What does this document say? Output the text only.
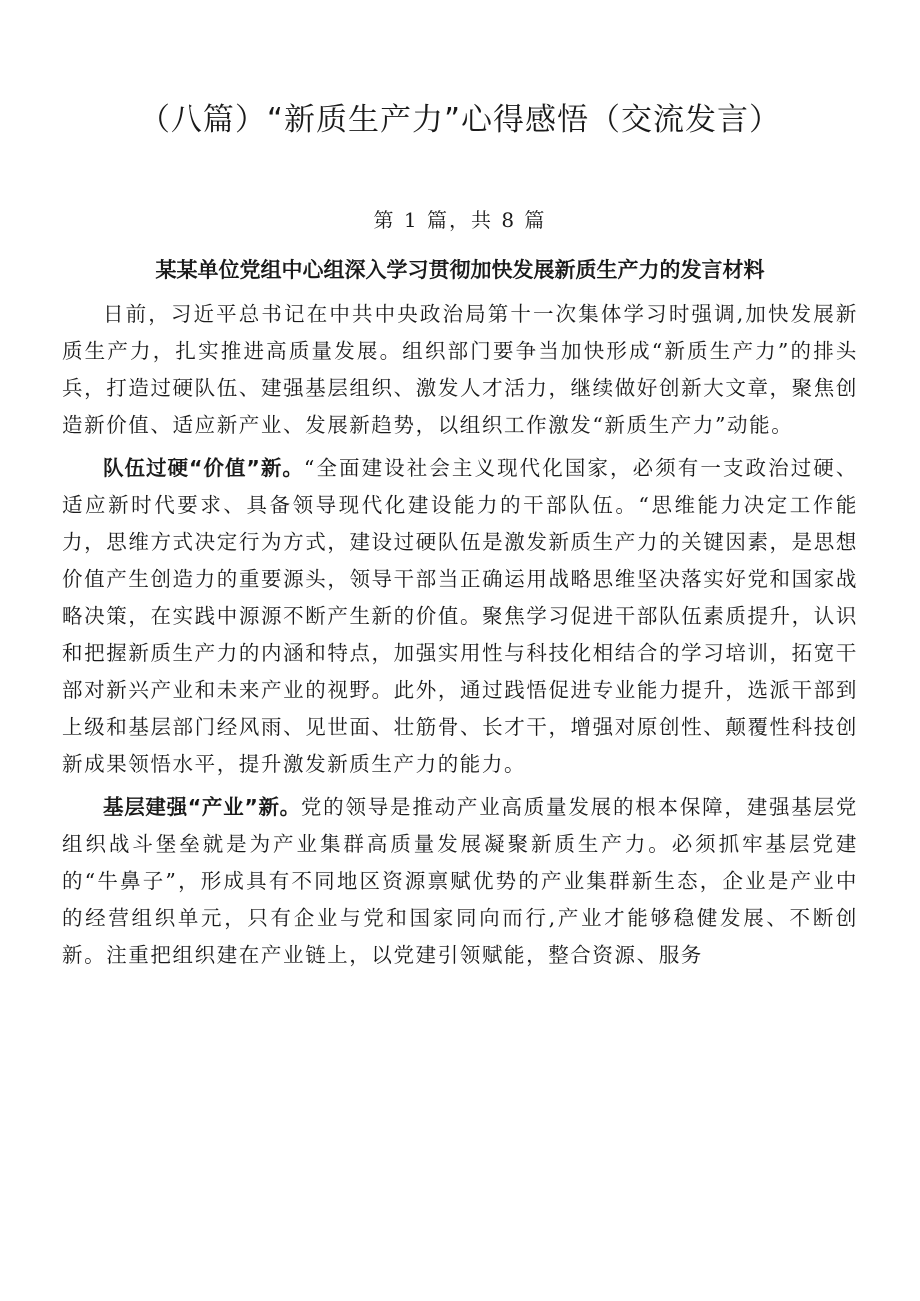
（八篇）“新质生产力”心得感悟（交流发言）
第 1 篇，共 8 篇
某某单位党组中心组深入学习贯彻加快发展新质生产力的发言材料

日前，习近平总书记在中共中央政治局第十一次集体学习时强调,加快发展新质生产力，扎实推进高质量发展。组织部门要争当加快形成“新质生产力”的排头兵，打造过硬队伍、建强基层组织、激发人才活力，继续做好创新大文章，聚焦创造新价值、适应新产业、发展新趋势，以组织工作激发“新质生产力”动能。

队伍过硬“价值”新。“全面建设社会主义现代化国家，必须有一支政治过硬、适应新时代要求、具备领导现代化建设能力的干部队伍。“思维能力决定工作能力，思维方式决定行为方式，建设过硬队伍是激发新质生产力的关键因素，是思想价值产生创造力的重要源头，领导干部当正确运用战略思维坚决落实好党和国家战略决策，在实践中源源不断产生新的价值。聚焦学习促进干部队伍素质提升，认识和把握新质生产力的内涵和特点，加强实用性与科技化相结合的学习培训，拓宽干部对新兴产业和未来产业的视野。此外，通过践悟促进专业能力提升，选派干部到上级和基层部门经风雨、见世面、壮筋骨、长才干，增强对原创性、颠覆性科技创新成果领悟水平，提升激发新质生产力的能力。

基层建强“产业”新。党的领导是推动产业高质量发展的根本保障，建强基层党组织战斗堡垒就是为产业集群高质量发展凝聚新质生产力。必须抓牢基层党建的“牛鼻子”，形成具有不同地区资源禀赋优势的产业集群新生态，企业是产业中的经营组织单元，只有企业与党和国家同向而行,产业才能够稳健发展、不断创新。注重把组织建在产业链上，以党建引领赋能，整合资源、服务
